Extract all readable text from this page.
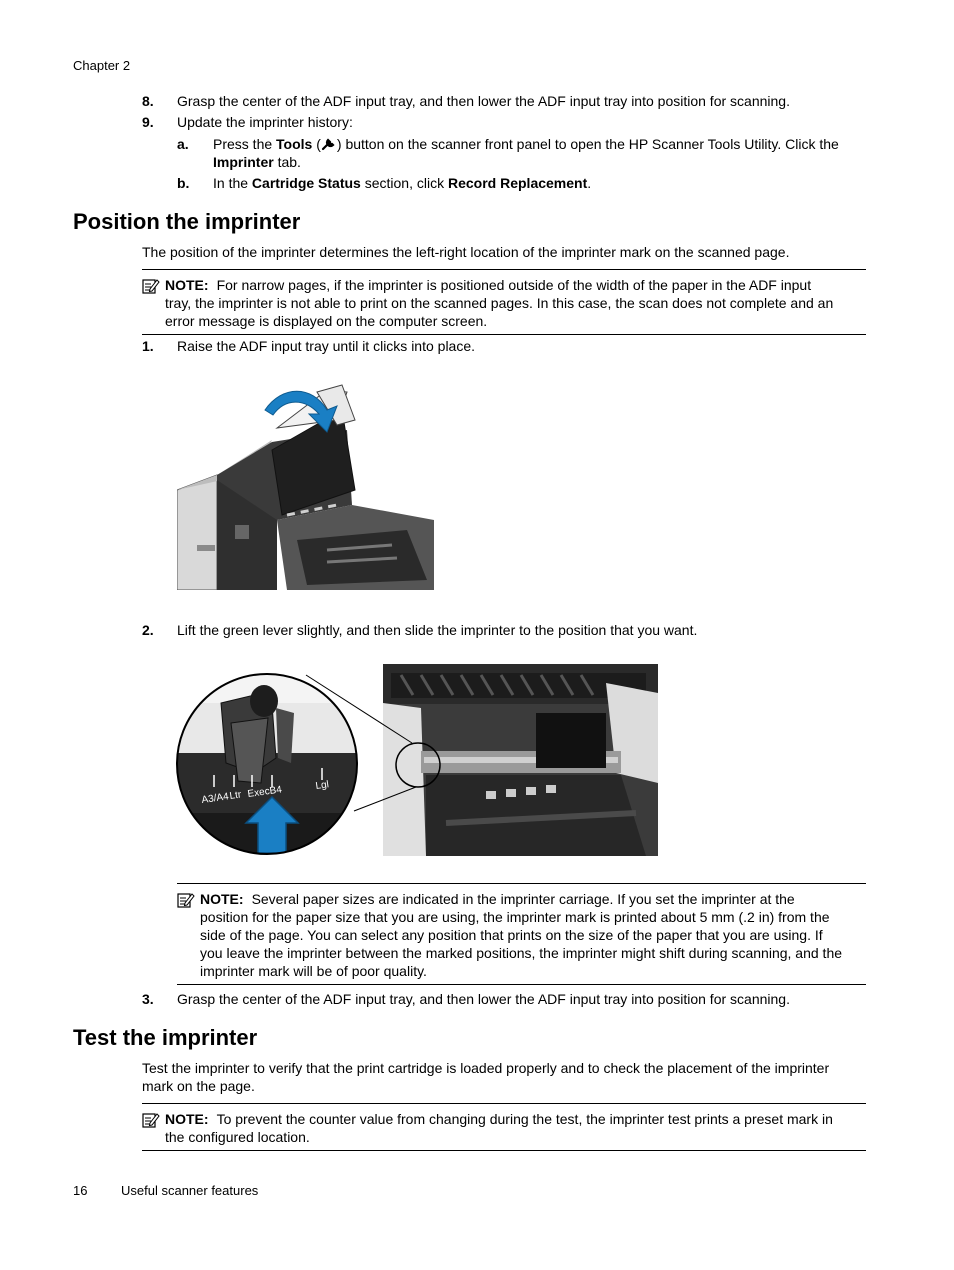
Chapter 2
8. Grasp the center of the ADF input tray, and then lower the ADF input tray into position for scanning.
9. Update the imprinter history:
a. Press the Tools ( ) button on the scanner front panel to open the HP Scanner Tools Utility. Click the
Imprinter tab.
b. In the Cartridge Status section, click Record Replacement.
Position the imprinter
The position of the imprinter determines the left-right location of the imprinter mark on the scanned page.
NOTE: For narrow pages, if the imprinter is positioned outside of the width of the paper in the ADF input
tray, the imprinter is not able to print on the scanned pages. In this case, the scan does not complete and an
error message is displayed on the computer screen.
1. Raise the ADF input tray until it clicks into place.
2. Lift the green lever slightly, and then slide the imprinter to the position that you want.
A3/A4 Ltr Exec
B4	Lgl
NOTE: Several paper sizes are indicated in the imprinter carriage. If you set the imprinter at the
position for the paper size that you are using, the imprinter mark is printed about 5 mm (.2 in) from the
side of the page. You can select any position that prints on the size of the paper that you are using. If
you leave the imprinter between the marked positions, the imprinter might shift during scanning, and the
imprinter mark will be of poor quality.
3. Grasp the center of the ADF input tray, and then lower the ADF input tray into position for scanning.
Test the imprinter
Test the imprinter to verify that the print cartridge is loaded properly and to check the placement of the imprinter
mark on the page.
NOTE: To prevent the counter value from changing during the test, the imprinter test prints a preset mark in
the configured location.
16	Useful scanner features
